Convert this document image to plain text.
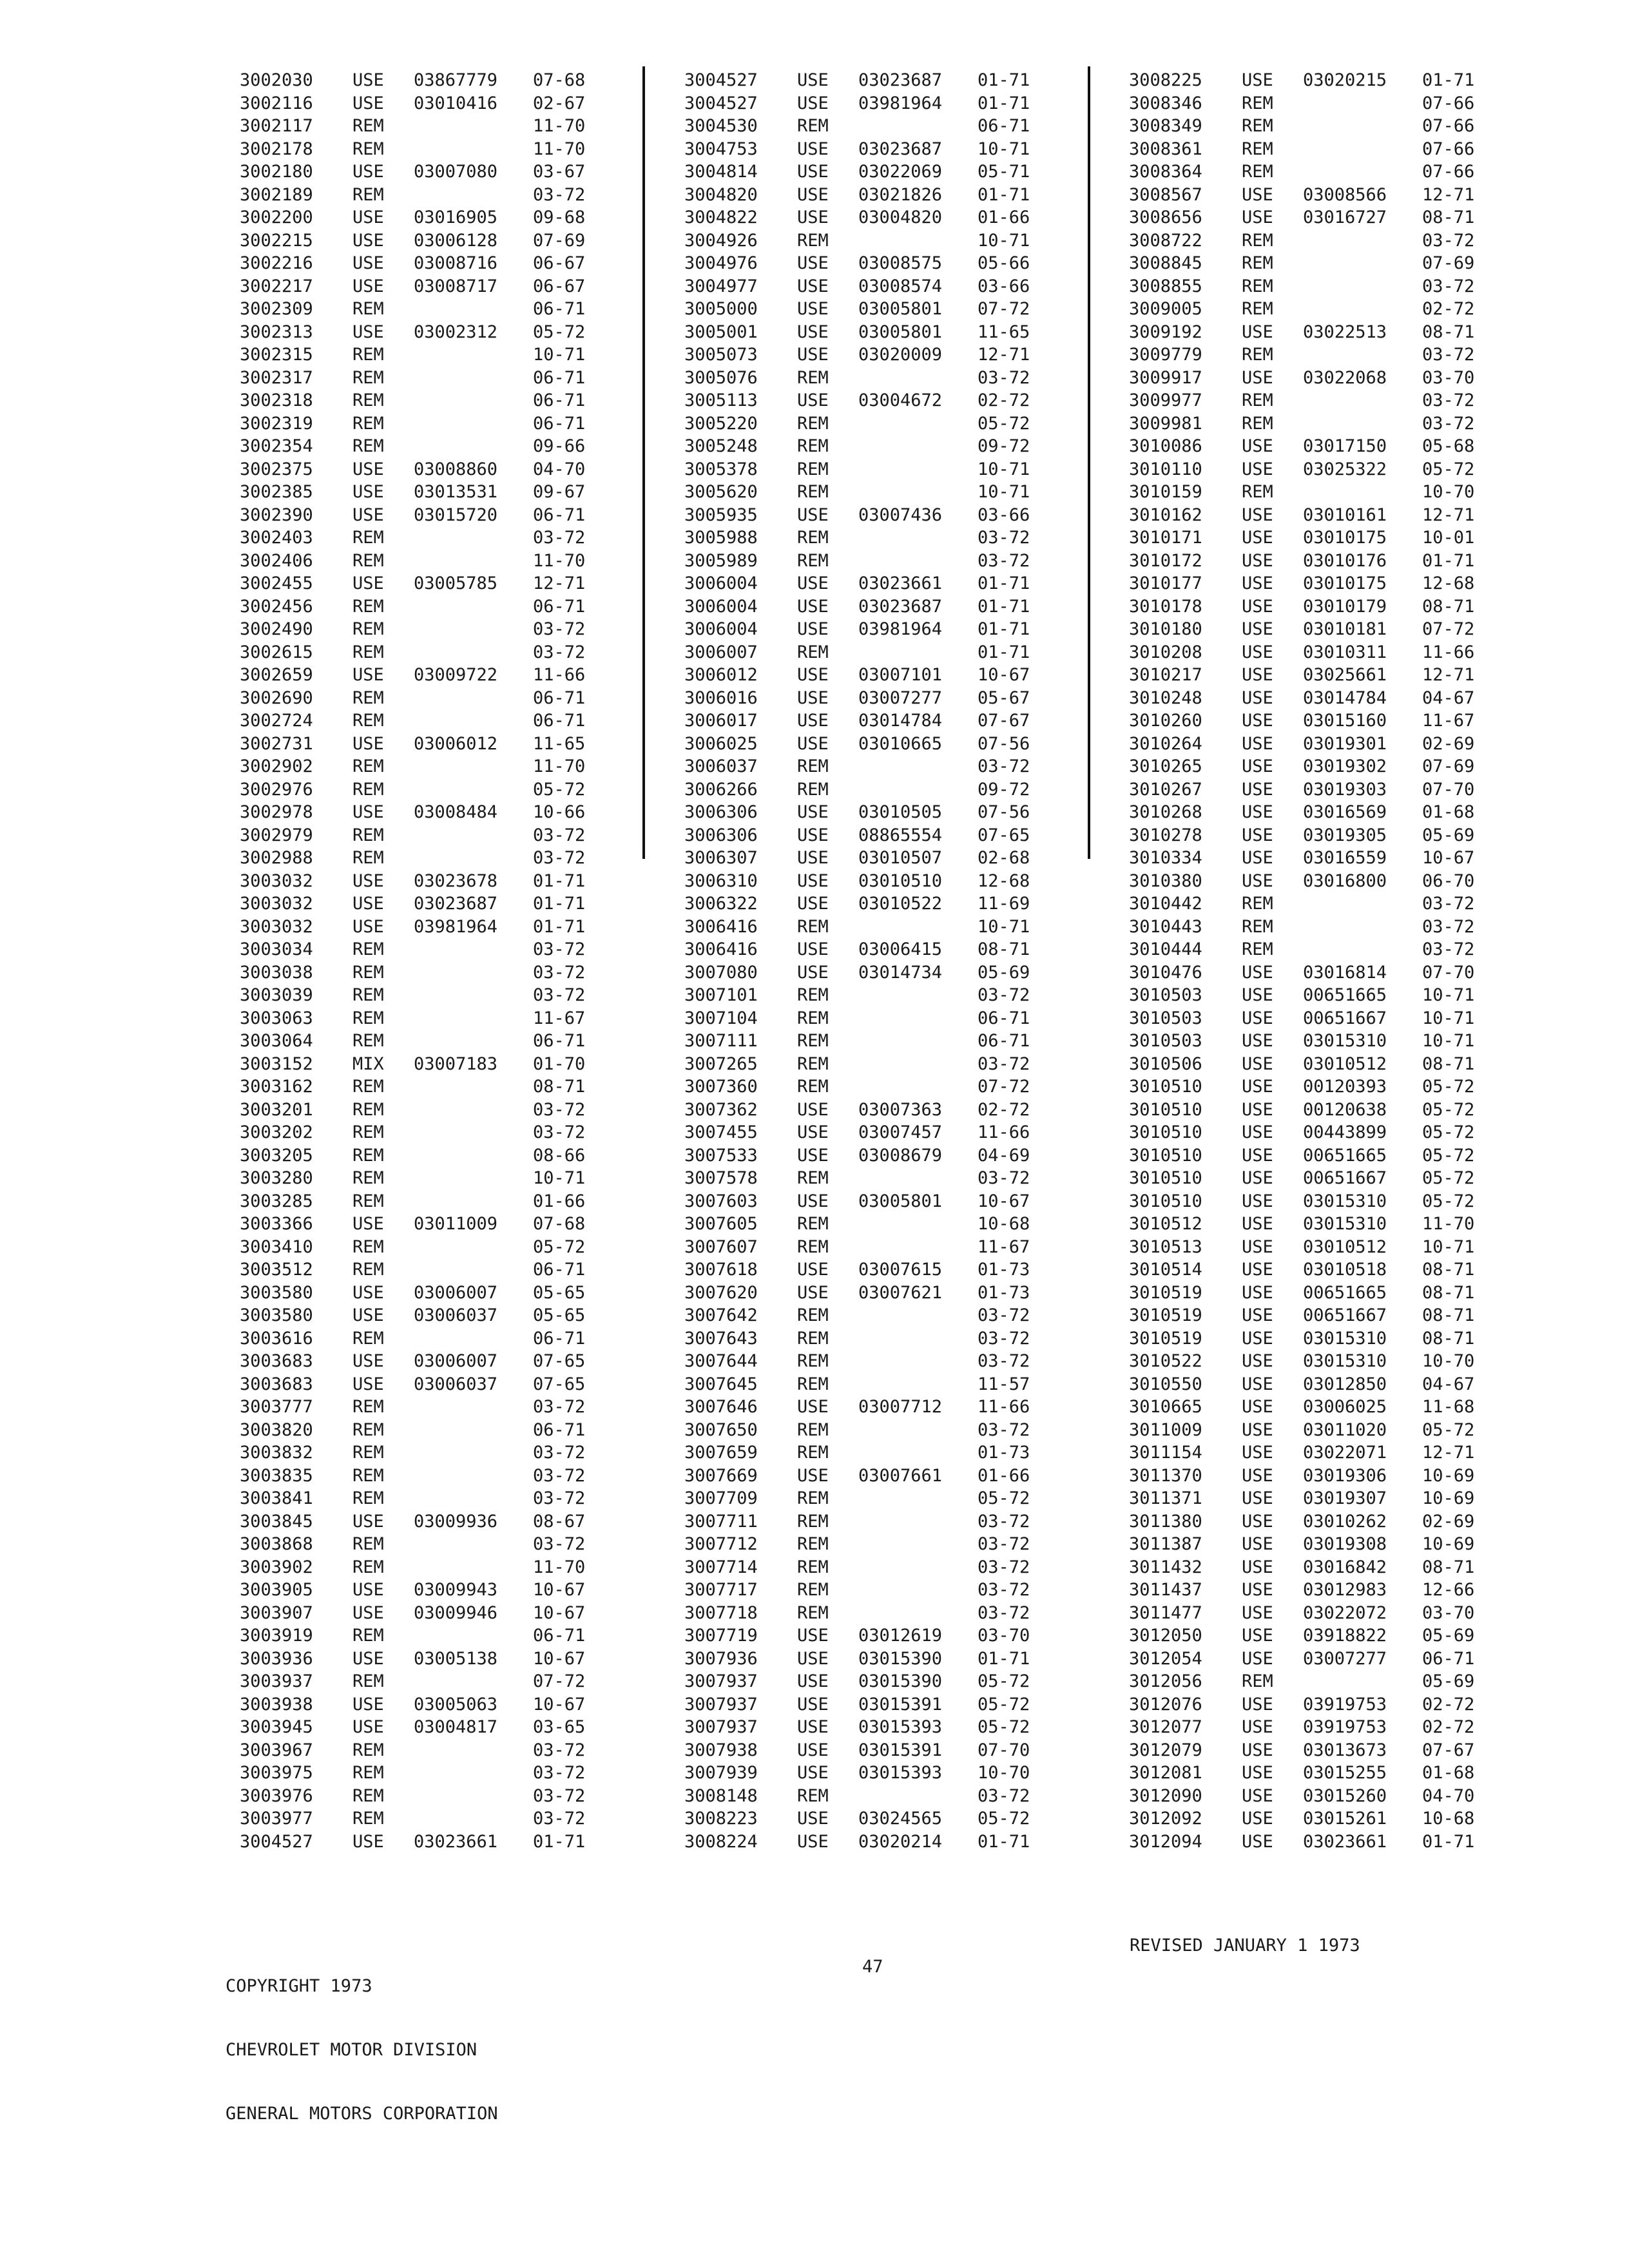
3002030 USE 03867779 07-68
3002116 USE 03010416 02-67
3002117 REM	11-70
3002178 REM	11-70
3002180 USE 03007080 03-67
3002189 REM	03-72
3002200 USE 03016905 09-68
3002215 USE 03006128 07-69
3002216 USE 03008716 06-67
3002217 USE 03008717 06-67
3002309 REM	06-71
3002313 USE 03002312 05-72
3002315 REM	10-71
3002317 REM	06-71
3002318 REM	06-71
3002319 REM	06-71
3002354 REM	09-66
3002375 USE 03008860 04-70
3002385 USE 03013531 09-67
3002390 USE 03015720 06-71
3002403 REM	03-72
3002406 REM	11-70
3002455 USE 03005785 12-71
3002456 REM	06-71
3002490 REM	03-72
3002615 REM	03-72
3002659 USE 03009722 11-66
3002690 REM	06-71
3002724 REM	06-71
3002731 USE 03006012 11-65
3002902 REM	11-70
3002976 REM	05-72
3002978 USE 03008484 10-66
3002979 REM	03-72
3002988 REM	03-72
3003032 USE 03023678 01-71
3003032 USE 03023687 01-71
3003032 USE 03981964 01-71
3003034 REM	03-72
3003038 REM	03-72
3003039 REM	03-72
3003063 REM	11-67
3003064 REM	06-71
3003152 MIX 03007183 01-70
3003162 REM	08-71
3003201 REM	03-72
3003202 REM	03-72
3003205 REM	08-66
3003280 REM	10-71
3003285 REM	01-66
3003366 USE 03011009 07-68
3003410 REM	05-72
3003512 REM	06-71
3003580 USE 03006007 05-65
3003580 USE 03006037 05-65
3003616 REM	06-71
3003683 USE 03006007 07-65
3003683 USE 03006037 07-65
3003777 REM	03-72
3003820 REM	06-71
3003832 REM	03-72
3003835 REM	03-72
3003841 REM	03-72
3003845 USE 03009936 08-67
3003868 REM	03-72
3003902 REM	11-70
3003905 USE 03009943 10-67
3003907 USE 03009946 10-67
3003919 REM	06-71
3003936 USE 03005138 10-67
3003937 REM	07-72
3003938 USE 03005063 10-67
3003945 USE 03004817 03-65
3003967 REM	03-72
3003975 REM	03-72
3003976 REM	03-72
3003977 REM	03-72
3004527 USE 03023661 01-71
3004527 USE 03023687 01-71
3004527 USE 03981964 01-71
3004530 REM	06-71
3004753 USE 03023687 10-71
3004814 USE 03022069 05-71
3004820 USE 03021826 01-71
3004822 USE 03004820 01-66
3004926 REM	10-71
3004976 USE 03008575 05-66
3004977 USE 03008574 03-66
3005000 USE 03005801 07-72
3005001 USE 03005801 11-65
3005073 USE 03020009 12-71
3005076 REM	03-72
3005113 USE 03004672 02-72
3005220 REM	05-72
3005248 REM	09-72
3005378 REM	10-71
3005620 REM	10-71
3005935 USE 03007436 03-66
3005988 REM	03-72
3005989 REM	03-72
3006004 USE 03023661 01-71
3006004 USE 03023687 01-71
3006004 USE 03981964 01-71
3006007 REM	01-71
3006012 USE 03007101 10-67
3006016 USE 03007277 05-67
3006017 USE 03014784 07-67
3006025 USE 03010665 07-56
3006037 REM	03-72
3006266 REM	09-72
3006306 USE 03010505 07-56
3006306 USE 08865554 07-65
3006307 USE 03010507 02-68
3006310 USE 03010510 12-68
3006322 USE 03010522 11-69
3006416 REM	10-71
3006416 USE 03006415 08-71
3007080 USE 03014734 05-69
3007101 REM	03-72
3007104 REM	06-71
3007111 REM	06-71
3007265 REM	03-72
3007360 REM	07-72
3007362 USE 03007363 02-72
3007455 USE 03007457 11-66
3007533 USE 03008679 04-69
3007578 REM	03-72
3007603 USE 03005801 10-67
3007605 REM	10-68
3007607 REM	11-67
3007618 USE 03007615 01-73
3007620 USE 03007621 01-73
3007642 REM	03-72
3007643 REM	03-72
3007644 REM	03-72
3007645 REM	11-57
3007646 USE 03007712 11-66
3007650 REM	03-72
3007659 REM	01-73
3007669 USE 03007661 01-66
3007709 REM	05-72
3007711 REM	03-72
3007712 REM	03-72
3007714 REM	03-72
3007717 REM	03-72
3007718 REM	03-72
3007719 USE 03012619 03-70
3007936 USE 03015390 01-71
3007937 USE 03015390 05-72
3007937 USE 03015391 05-72
3007937 USE 03015393 05-72
3007938 USE 03015391 07-70
3007939 USE 03015393 10-70
3008148 REM	03-72
3008223 USE 03024565 05-72
3008224 USE 03020214 01-71
3008225 USE 03020215 01-71
3008346 REM	07-66
3008349 REM	07-66
3008361 REM	07-66
3008364 REM	07-66
3008567 USE 03008566 12-71
3008656 USE 03016727 08-71
3008722 REM	03-72
3008845 REM	07-69
3008855 REM	03-72
3009005 REM	02-72
3009192 USE 03022513 08-71
3009779 REM	03-72
3009917 USE 03022068 03-70
3009977 REM	03-72
3009981 REM	03-72
3010086 USE 03017150 05-68
3010110 USE 03025322 05-72
3010159 REM	10-70
3010162 USE 03010161 12-71
3010171 USE 03010175 10-01
3010172 USE 03010176 01-71
3010177 USE 03010175 12-68
3010178 USE 03010179 08-71
3010180 USE 03010181 07-72
3010208 USE 03010311 11-66
3010217 USE 03025661 12-71
3010248 USE 03014784 04-67
3010260 USE 03015160 11-67
3010264 USE 03019301 02-69
3010265 USE 03019302 07-69
3010267 USE 03019303 07-70
3010268 USE 03016569 01-68
3010278 USE 03019305 05-69
3010334 USE 03016559 10-67
3010380 USE 03016800 06-70
3010442 REM	03-72
3010443 REM	03-72
3010444 REM	03-72
3010476 USE 03016814 07-70
3010503 USE 00651665 10-71
3010503 USE 00651667 10-71
3010503 USE 03015310 10-71
3010506 USE 03010512 08-71
3010510 USE 00120393 05-72
3010510 USE 00120638 05-72
3010510 USE 00443899 05-72
3010510 USE 00651665 05-72
3010510 USE 00651667 05-72
3010510 USE 03015310 05-72
3010512 USE 03015310 11-70
3010513 USE 03010512 10-71
3010514 USE 03010518 08-71
3010519 USE 00651665 08-71
3010519 USE 00651667 08-71
3010519 USE 03015310 08-71
3010522 USE 03015310 10-70
3010550 USE 03012850 04-67
3010665 USE 03006025 11-68
3011009 USE 03011020 05-72
3011154 USE 03022071 12-71
3011370 USE 03019306 10-69
3011371 USE 03019307 10-69
3011380 USE 03010262 02-69
3011387 USE 03019308 10-69
3011432 USE 03016842 08-71
3011437 USE 03012983 12-66
3011477 USE 03022072 03-70
3012050 USE 03918822 05-69
3012054 USE 03007277 06-71
3012056 REM	05-69
3012076 USE 03919753 02-72
3012077 USE 03919753 02-72
3012079 USE 03013673 07-67
3012081 USE 03015255 01-68
3012090 USE 03015260 04-70
3012092 USE 03015261 10-68
3012094 USE 03023661 01-71

COPYRIGHT 1973

CHEVROLET MOTOR DIVISION

GENERAL MOTORS CORPORATION

47
REVISED JANUARY 1 1973
